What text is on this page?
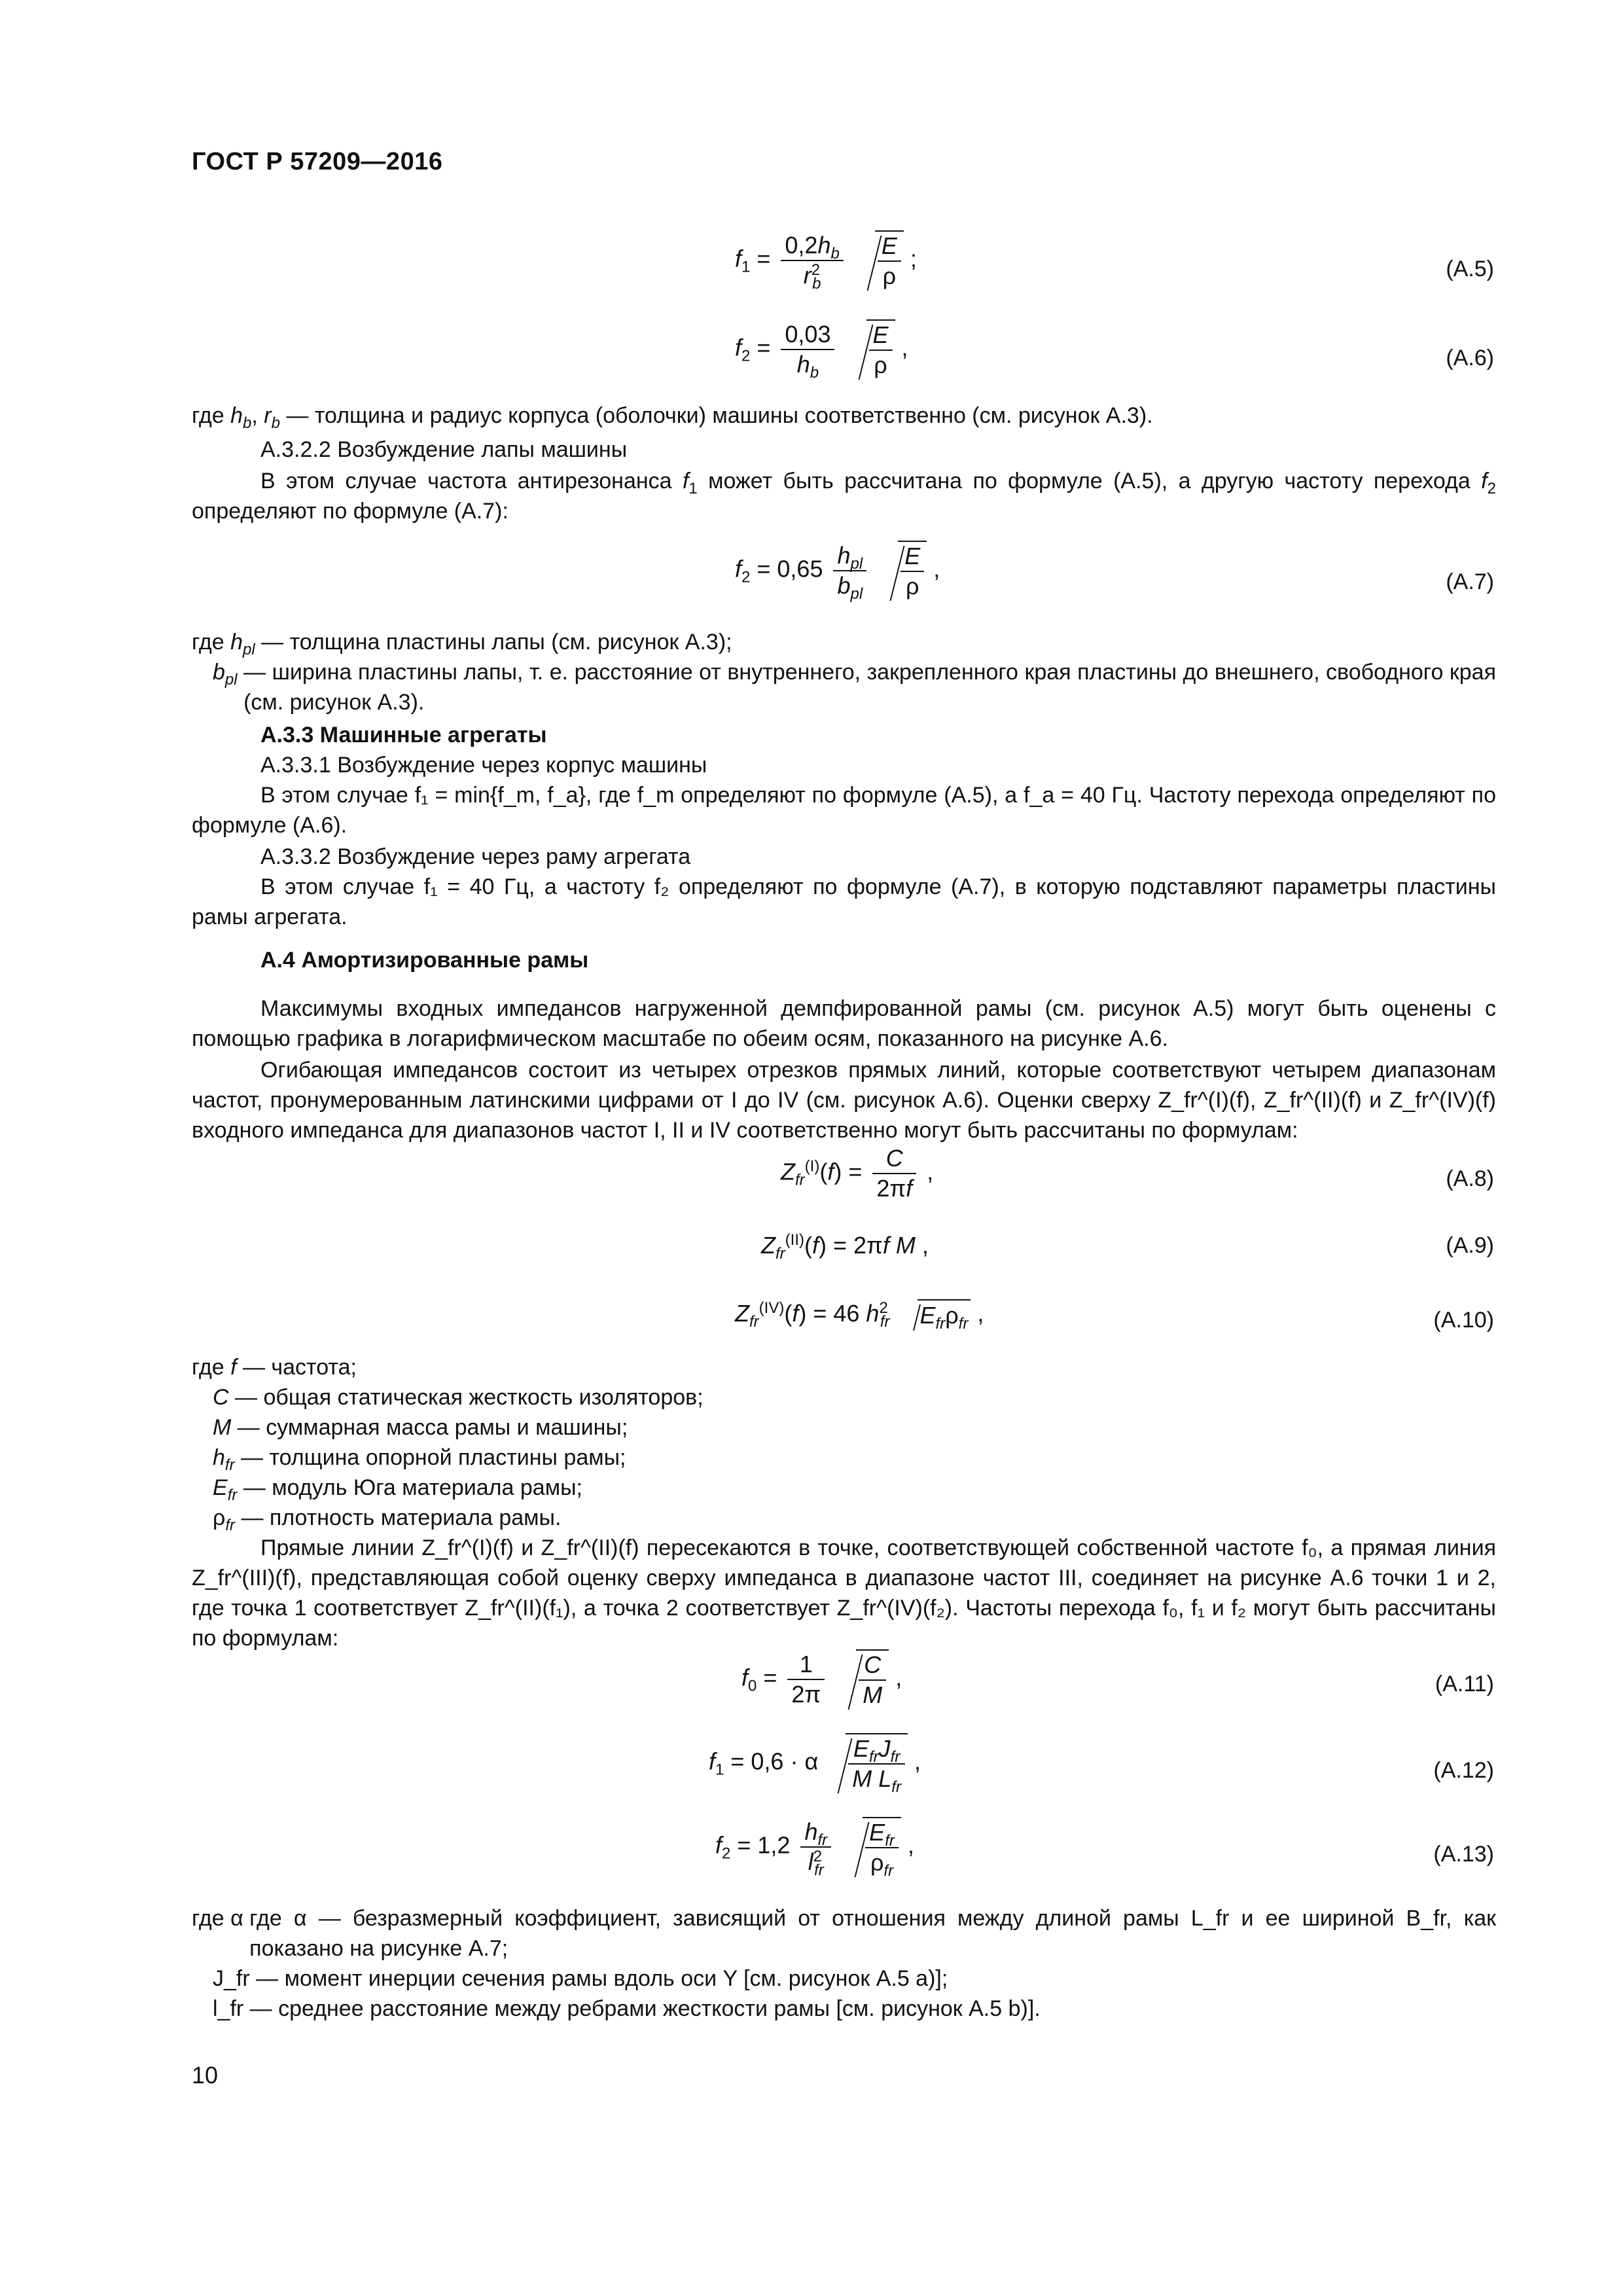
ГОСТ Р 57209—2016
$f_1 = \frac{0,2h_b}{r^2_b}$
$\frac{E}{\rho}$ ;	(А.5)
$f_2 = \frac{0,03}{h_b}$
$\frac{E}{\rho}$ ,	(А.6)
где $h_b$, $r_b$ — толщина и радиус корпуса (оболочки) машины соответственно (см. рисунок А.3).
А.3.2.2 Возбуждение лапы машины
В этом случае частота антирезонанса $f_1$ может быть рассчитана по формуле (А.5), а другую частоту перехода $f_2$ определяют по формуле (А.7):
$f_2 = 0,65 \frac{h_{pl}}{b_{pl}}$
$\frac{E}{\rho}$ ,	(А.7)
где $h_{pl}$ — толщина пластины лапы (см. рисунок А.3);
$b_{pl}$ — ширина пластины лапы, т. е. расстояние от внутреннего, закрепленного края пластины до внешнего, свободного края (см. рисунок А.3).
А.3.3 Машинные агрегаты
А.3.3.1 Возбуждение через корпус машины
В этом случае f₁ = min{f_m, f_a}, где f_m определяют по формуле (А.5), а f_a = 40 Гц. Частоту перехода определяют по формуле (А.6).
А.3.3.2 Возбуждение через раму агрегата
В этом случае f₁ = 40 Гц, а частоту f₂ определяют по формуле (А.7), в которую подставляют параметры пластины рамы агрегата.
А.4 Амортизированные рамы
Максимумы входных импедансов нагруженной демпфированной рамы (см. рисунок А.5) могут быть оценены с помощью графика в логарифмическом масштабе по обеим осям, показанного на рисунке А.6.
Огибающая импедансов состоит из четырех отрезков прямых линий, которые соответствуют четырем диапазонам частот, пронумерованным латинскими цифрами от I до IV (см. рисунок А.6). Оценки сверху Z_fr^(I)(f), Z_fr^(II)(f) и Z_fr^(IV)(f) входного импеданса для диапазонов частот I, II и IV соответственно могут быть рассчитаны по формулам:
$Z_{fr}^{(I)}(f) = \frac{C}{2\pi f}$ ,	(А.8)
$Z_{fr}^{(II)}(f) = 2\pi f$ M ,	(А.9)
$Z_{fr}^{(IV)}(f) = 46$ $h^2_{fr}$ $E_{fr}\rho_{fr}$ ,	(А.10)
где f — частота;
C — общая статическая жесткость изоляторов;
M — суммарная масса рамы и машины;
$h_{fr}$ — толщина опорной пластины рамы;
$E_{fr}$ — модуль Юга материала рамы;
$\rho_{fr}$ — плотность материала рамы.
Прямые линии Z_fr^(I)(f) и Z_fr^(II)(f) пересекаются в точке, соответствующей собственной частоте f₀, а прямая линия Z_fr^(III)(f), представляющая собой оценку сверху импеданса в диапазоне частот III, соединяет на рисунке А.6 точки 1 и 2, где точка 1 соответствует Z_fr^(II)(f₁), а точка 2 соответствует Z_fr^(IV)(f₂). Частоты перехода f₀, f₁ и f₂ могут быть рассчитаны по формулам:
$f_0 = \frac{1}{2\pi}$
$\frac{C}{M}$ ,	(А.11)
$f_1 = 0,6 \cdot \alpha \frac{E_{fr}J_{fr}}{M L_{fr}}$ ,	(А.12)
$f_2 = 1,2 \frac{h_{fr}}{l^2_{fr}}$
$\frac{E_{fr}}{\rho_{fr}}$ ,	(А.13)
где α где α — безразмерный коэффициент, зависящий от отношения между длиной рамы L_fr и ее шириной B_fr, как показано на рисунке А.7;
J_fr — момент инерции сечения рамы вдоль оси Y [см. рисунок А.5 а)];
l_fr — среднее расстояние между ребрами жесткости рамы [см. рисунок А.5 b)].
10
